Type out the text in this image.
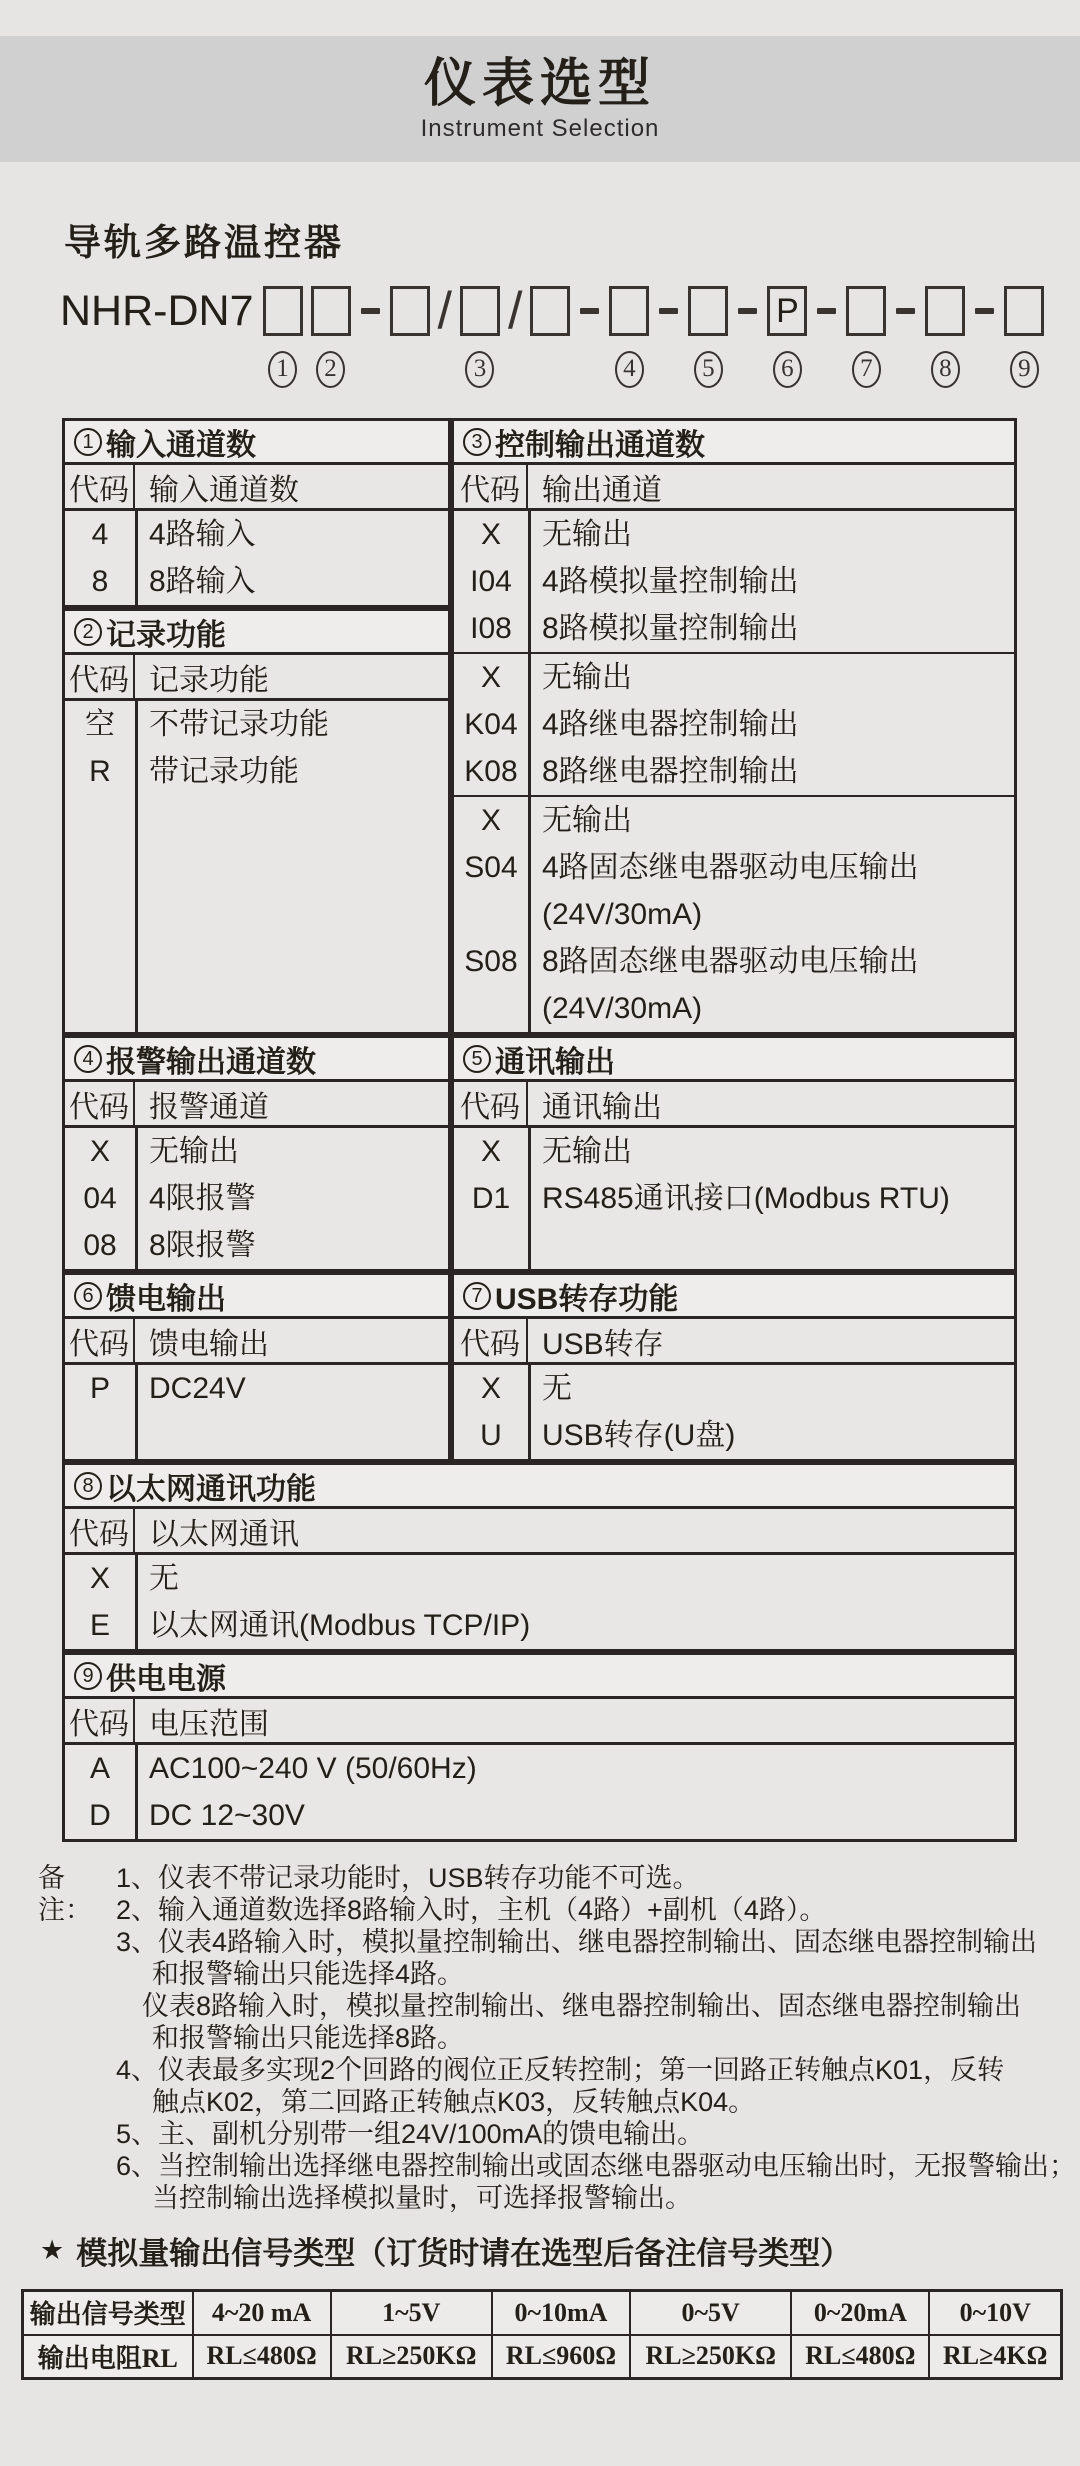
仪表选型
Instrument Selection
导轨多路温控器
NHR-DN7
1	2
/
3
/
4	5
P
6	7	8	9
1 输入通道数
代码 输入通道数
4	4路输入
8	8路输入
2 记录功能
代码 记录功能
空	不带记录功能
R	带记录功能
3 控制输出通道数
代码 输出通道
X	无输出
I04	4路模拟量控制输出
I08	8路模拟量控制输出
X	无输出
K04 4路继电器控制输出
K08 8路继电器控制输出
X	无输出
S04 4路固态继电器驱动电压输出
(24V/30mA)
S08 8路固态继电器驱动电压输出
(24V/30mA)
4 报警输出通道数
代码 报警通道
X	无输出
04	4限报警
08	8限报警
5 通讯输出
代码 通讯输出
X	无输出
D1	RS485通讯接口(Modbus RTU)
6 馈电输出
代码 馈电输出
P	DC24V
7 USB转存功能
代码 USB转存
X	无
U	USB转存(U盘)
8 以太网通讯功能
代码 以太网通讯
X	无
E	以太网通讯(Modbus TCP/IP)
9 供电电源
代码 电压范围
A	AC100~240 V (50/60Hz)
D	DC 12~30V
备注：
1、仪表不带记录功能时，USB转存功能不可选。
2、输入通道数选择8路输入时，主机（4路）+副机（4路）。
3、仪表4路输入时，模拟量控制输出、继电器控制输出、固态继电器控制输出
和报警输出只能选择4路。
仪表8路输入时，模拟量控制输出、继电器控制输出、固态继电器控制输出
和报警输出只能选择8路。
4、仪表最多实现2个回路的阀位正反转控制；第一回路正转触点K01，反转
触点K02，第二回路正转触点K03，反转触点K04。
5、主、副机分别带一组24V/100mA的馈电输出。
6、当控制输出选择继电器控制输出或固态继电器驱动电压输出时，无报警输出；
当控制输出选择模拟量时，可选择报警输出。
★ 模拟量输出信号类型（订货时请在选型后备注信号类型）
输出信号类型	4~20 mA	1~5V	0~10mA	0~5V	0~20mA	0~10V
输出电阻RL	RL≤480Ω	RL≥250KΩ	RL≤960Ω	RL≥250KΩ	RL≤480Ω	RL≥4KΩ
